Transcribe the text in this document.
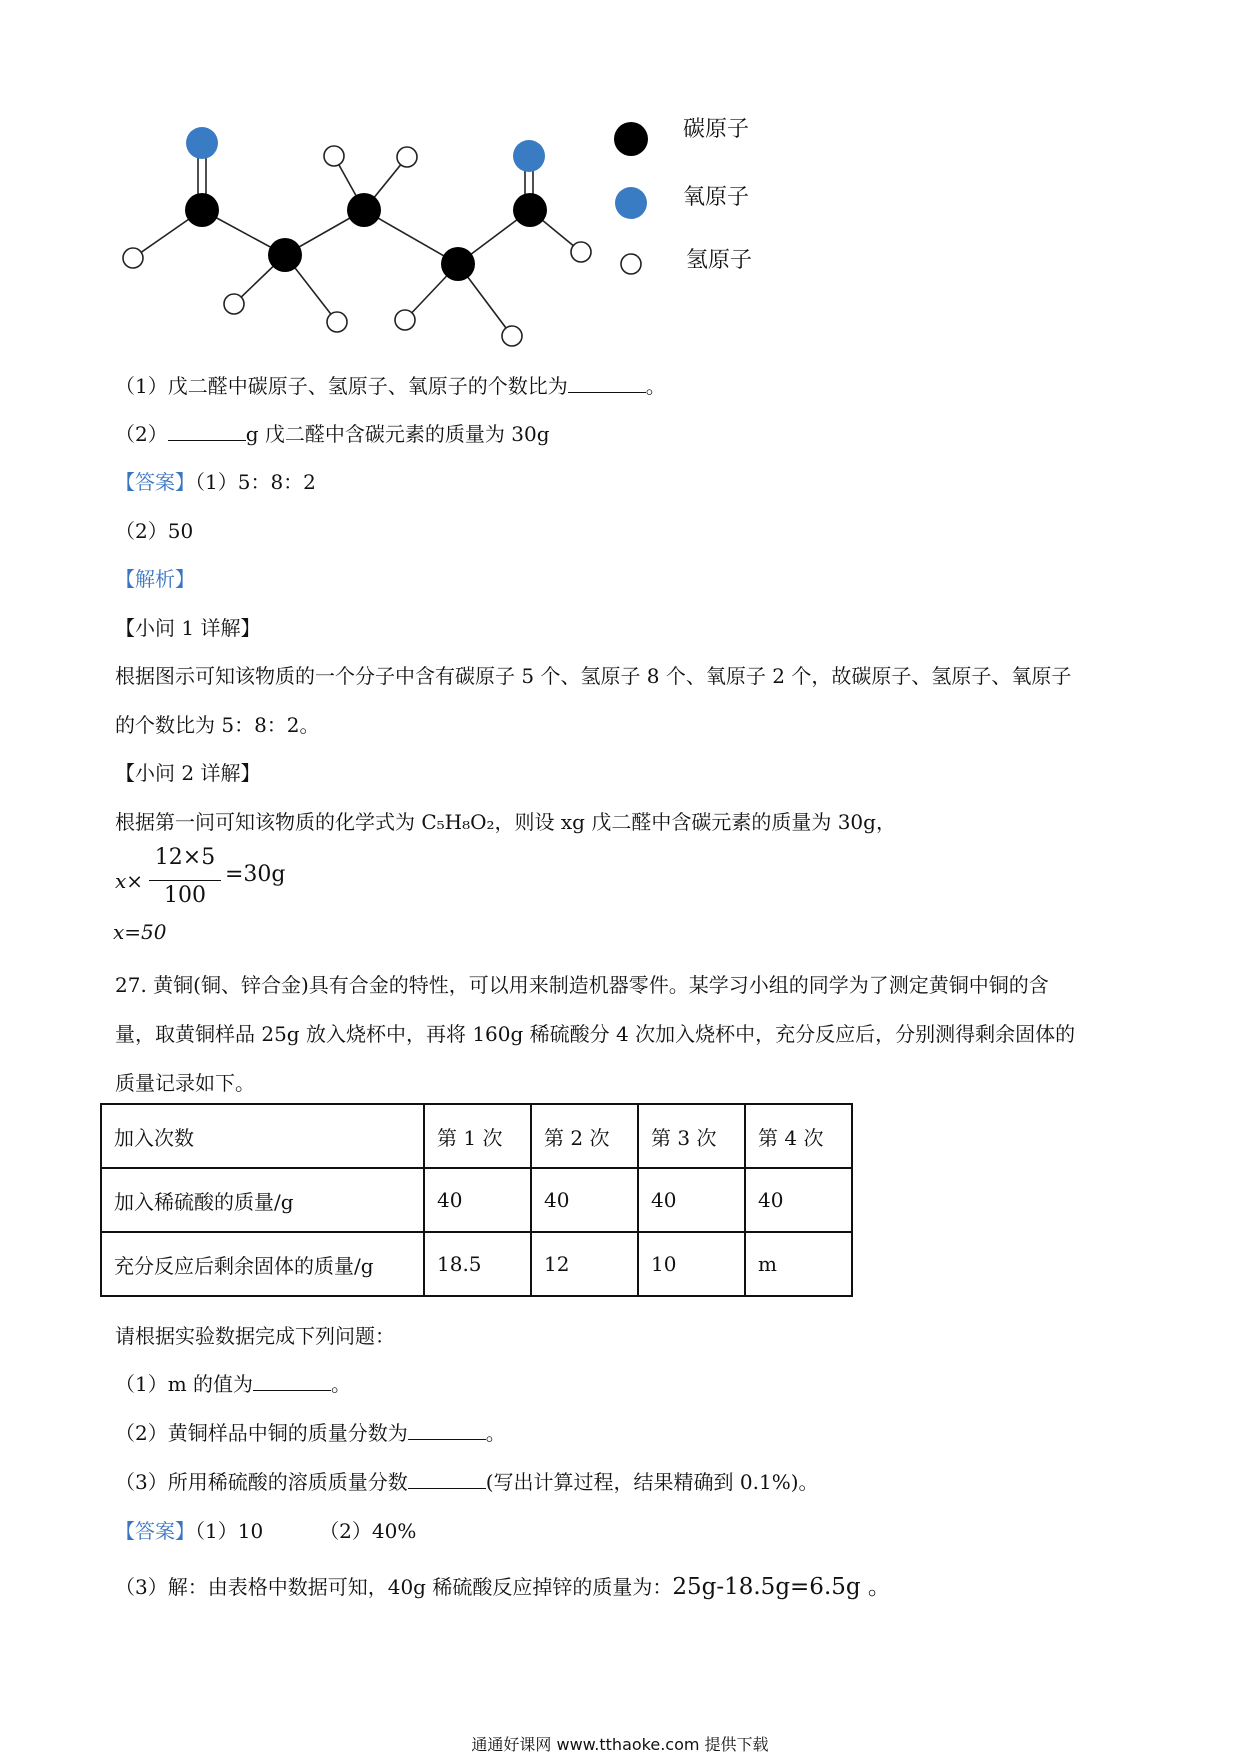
碳原子
氧原子
氢原子
（1）戊二醛中碳原子、氢原子、氧原子的个数比为	。
（2）	g 戊二醛中含碳元素的质量为 30g
【答案】（1）5：8：2
（2）50
【解析】
【小问 1 详解】
根据图示可知该物质的一个分子中含有碳原子 5 个、氢原子 8 个、氧原子 2 个，故碳原子、氢原子、氧原子
的个数比为 5：8：2。
【小问 2 详解】
根据第一问可知该物质的化学式为 C₅H₈O₂，则设 xg 戊二醛中含碳元素的质量为 30g，
x×
12×5
100
=30g
x=50
27. 黄铜(铜、锌合金)具有合金的特性，可以用来制造机器零件。某学习小组的同学为了测定黄铜中铜的含
量，取黄铜样品 25g 放入烧杯中，再将 160g 稀硫酸分 4 次加入烧杯中，充分反应后，分别测得剩余固体的
质量记录如下。
加入次数	第 1 次	第 2 次	第 3 次	第 4 次
加入稀硫酸的质量/g	40	40	40	40
充分反应后剩余固体的质量/g	18.5	12	10	m
请根据实验数据完成下列问题：
（1）m 的值为	。
（2）黄铜样品中铜的质量分数为	。
（3）所用稀硫酸的溶质质量分数	(写出计算过程，结果精确到 0.1%)。
【答案】（1）10	（2）40%
（3）解：由表格中数据可知，40g 稀硫酸反应掉锌的质量为：25g-18.5g=6.5g 。
通通好课网 www.tthaoke.com 提供下载
